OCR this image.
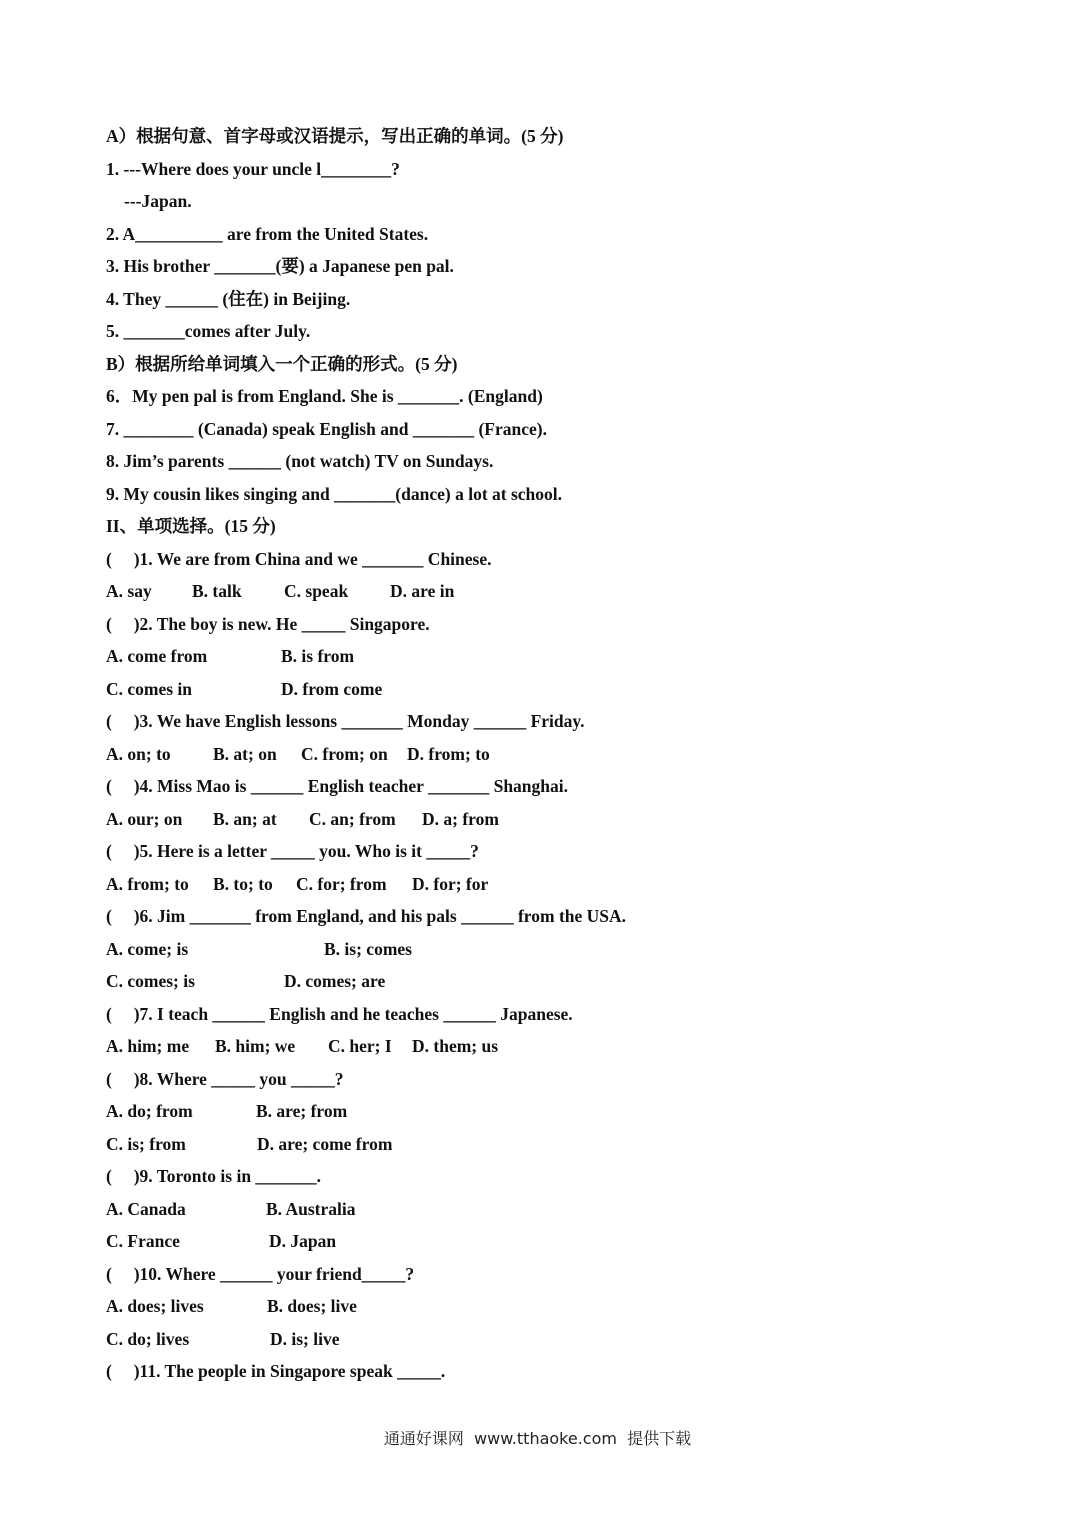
A）根据句意、首字母或汉语提示，写出正确的单词。(5 分)
1. ---Where does your uncle l________?
---Japan.
2. A__________ are from the United States.
3. His brother _______(要) a Japanese pen pal.
4. They ______ (住在) in Beijing.
5. _______comes after July.
B）根据所给单词填入一个正确的形式。(5 分)
6．My pen pal is from England. She is _______. (England)
7. ________ (Canada) speak English and _______ (France).
8. Jim’s parents ______ (not watch) TV on Sundays.
9. My cousin likes singing and _______(dance) a lot at school.
II、单项选择。(15 分)
(     )1. We are from China and we _______ Chinese.
A. say	B. talk	C. speak	D. are in
(     )2. The boy is new. He _____ Singapore.
A. come from	B. is from
C. comes in	D. from come
(     )3. We have English lessons _______ Monday ______ Friday.
A. on; to	B. at; on	C. from; on	D. from; to
(     )4. Miss Mao is ______ English teacher _______ Shanghai.
A. our; on	B. an; at	C. an; from	D. a; from
(     )5. Here is a letter _____ you. Who is it _____?
A. from; to	B. to; to	C. for; from	D. for; for
(     )6. Jim _______ from England, and his pals ______ from the USA.
A. come; is	B. is; comes
C. comes; is	D. comes; are
(     )7. I teach ______ English and he teaches ______ Japanese.
A. him; me	B. him; we	C. her; I	D. them; us
(     )8. Where _____ you _____?
A. do; from	B. are; from
C. is; from	D. are; come from
(     )9. Toronto is in _______.
A. Canada	B. Australia
C. France	D. Japan
(     )10. Where ______ your friend_____?
A. does; lives	B. does; live
C. do; lives	D. is; live
(     )11. The people in Singapore speak _____.
通通好课网  www.tthaoke.com  提供下载
